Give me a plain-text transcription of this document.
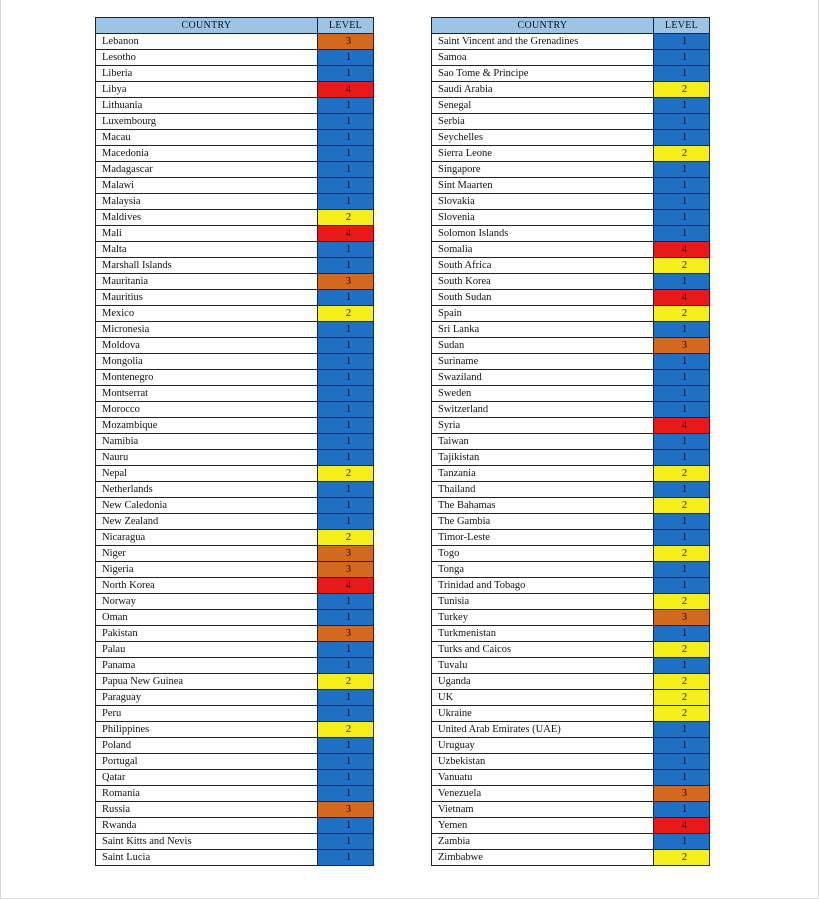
COUNTRY	LEVEL
Lebanon	3
Lesotho	1
Liberia	1
Libya	4
Lithuania	1
Luxembourg	1
Macau	1
Macedonia	1
Madagascar	1
Malawi	1
Malaysia	1
Maldives	2
Mali	4
Malta	1
Marshall Islands	1
Mauritania	3
Mauritius	1
Mexico	2
Micronesia	1
Moldova	1
Mongolia	1
Montenegro	1
Montserrat	1
Morocco	1
Mozambique	1
Namibia	1
Nauru	1
Nepal	2
Netherlands	1
New Caledonia	1
New Zealand	1
Nicaragua	2
Niger	3
Nigeria	3
North Korea	4
Norway	1
Oman	1
Pakistan	3
Palau	1
Panama	1
Papua New Guinea	2
Paraguay	1
Peru	1
Philippines	2
Poland	1
Portugal	1
Qatar	1
Romania	1
Russia	3
Rwanda	1
Saint Kitts and Nevis	1
Saint Lucia	1
COUNTRY	LEVEL
Saint Vincent and the Grenadines	1
Samoa	1
Sao Tome & Principe	1
Saudi Arabia	2
Senegal	1
Serbia	1
Seychelles	1
Sierra Leone	2
Singapore	1
Sint Maarten	1
Slovakia	1
Slovenia	1
Solomon Islands	1
Somalia	4
South Africa	2
South Korea	1
South Sudan	4
Spain	2
Sri Lanka	1
Sudan	3
Suriname	1
Swaziland	1
Sweden	1
Switzerland	1
Syria	4
Taiwan	1
Tajikistan	1
Tanzania	2
Thailand	1
The Bahamas	2
The Gambia	1
Timor-Leste	1
Togo	2
Tonga	1
Trinidad and Tobago	1
Tunisia	2
Turkey	3
Turkmenistan	1
Turks and Caicos	2
Tuvalu	1
Uganda	2
UK	2
Ukraine	2
United Arab Emirates (UAE)	1
Uruguay	1
Uzbekistan	1
Vanuatu	1
Venezuela	3
Vietnam	1
Yemen	4
Zambia	1
Zimbabwe	2
